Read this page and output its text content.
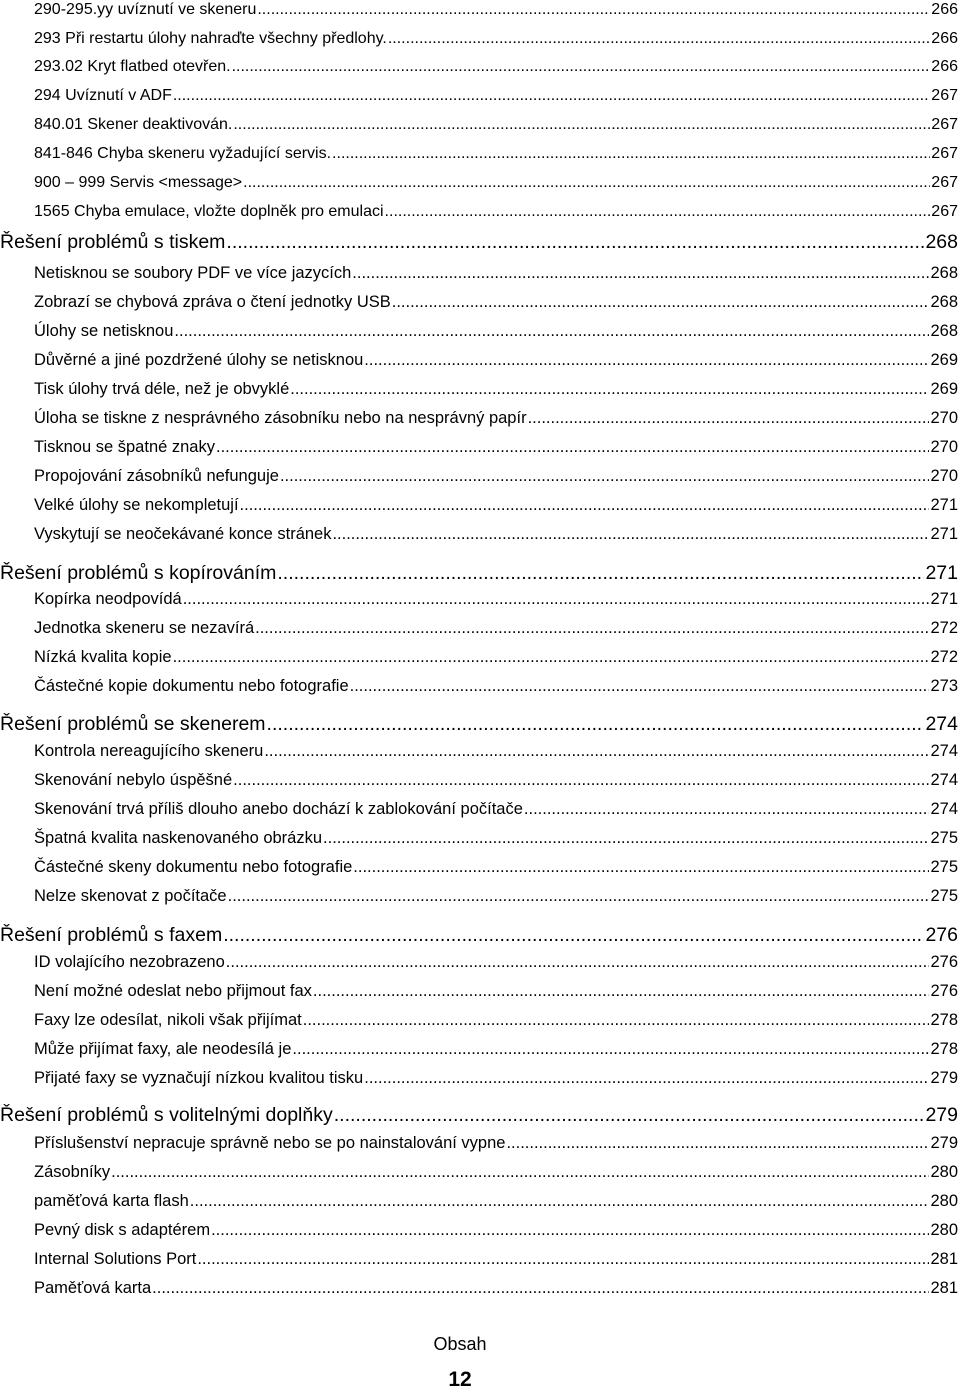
290-295.yy uvíznutí ve skeneru .....	266
293 Při restartu úlohy nahraďte všechny předlohy. .....	266
293.02 Kryt flatbed otevřen. .....	266
294 Uvíznutí v ADF .....	267
840.01 Skener deaktivován. .....	267
841-846 Chyba skeneru vyžadující servis. .....	267
900 – 999 Servis <message> .....	267
1565 Chyba emulace, vložte doplněk pro emulaci .....	267
Řešení problémů s tiskem .....	268
Netisknou se soubory PDF ve více jazycích .....	268
Zobrazí se chybová zpráva o čtení jednotky USB .....	268
Úlohy se netisknou .....	268
Důvěrné a jiné pozdržené úlohy se netisknou .....	269
Tisk úlohy trvá déle, než je obvyklé .....	269
Úloha se tiskne z nesprávného zásobníku nebo na nesprávný papír .....	270
Tisknou se špatné znaky .....	270
Propojování zásobníků nefunguje .....	270
Velké úlohy se nekompletují .....	271
Vyskytují se neočekávané konce stránek .....	271
Řešení problémů s kopírováním .....	271
Kopírka neodpovídá .....	271
Jednotka skeneru se nezavírá .....	272
Nízká kvalita kopie .....	272
Částečné kopie dokumentu nebo fotografie .....	273
Řešení problémů se skenerem .....	274
Kontrola nereagujícího skeneru .....	274
Skenování nebylo úspěšné .....	274
Skenování trvá příliš dlouho anebo dochází k zablokování počítače .....	274
Špatná kvalita naskenovaného obrázku .....	275
Částečné skeny dokumentu nebo fotografie .....	275
Nelze skenovat z počítače .....	275
Řešení problémů s faxem .....	276
ID volajícího nezobrazeno .....	276
Není možné odeslat nebo přijmout fax .....	276
Faxy lze odesílat, nikoli však přijímat .....	278
Může přijímat faxy, ale neodesílá je .....	278
Přijaté faxy se vyznačují nízkou kvalitou tisku .....	279
Řešení problémů s volitelnými doplňky .....	279
Příslušenství nepracuje správně nebo se po nainstalování vypne .....	279
Zásobníky .....	280
paměťová karta flash .....	280
Pevný disk s adaptérem .....	280
Internal Solutions Port .....	281
Paměťová karta .....	281
Obsah
12
